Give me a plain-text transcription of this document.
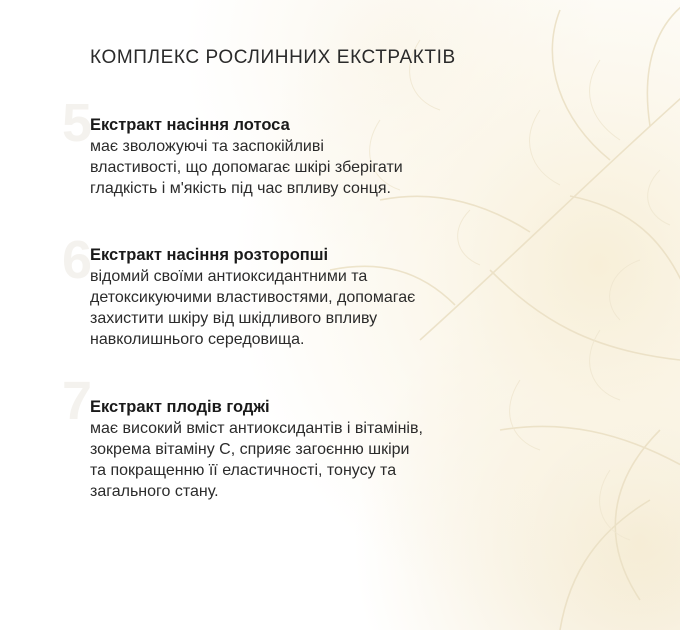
5
6
7
КОМПЛЕКС РОСЛИННИХ ЕКСТРАКТІВ

Екстракт насіння лотоса

має зволожуючі та заспокійливі
властивості, що допомагає шкірі зберігати
гладкість і м'якість під час впливу сонця.

Екстракт насіння розторопші

відомий своїми антиоксидантними та
детоксикуючими властивостями, допомагає
захистити шкіру від шкідливого впливу
навколишнього середовища.

Екстракт плодів годжі

має високий вміст антиоксидантів і вітамінів,
зокрема вітаміну С, сприяє загоєнню шкіри
та покращенню її еластичності, тонусу та
загального стану.
